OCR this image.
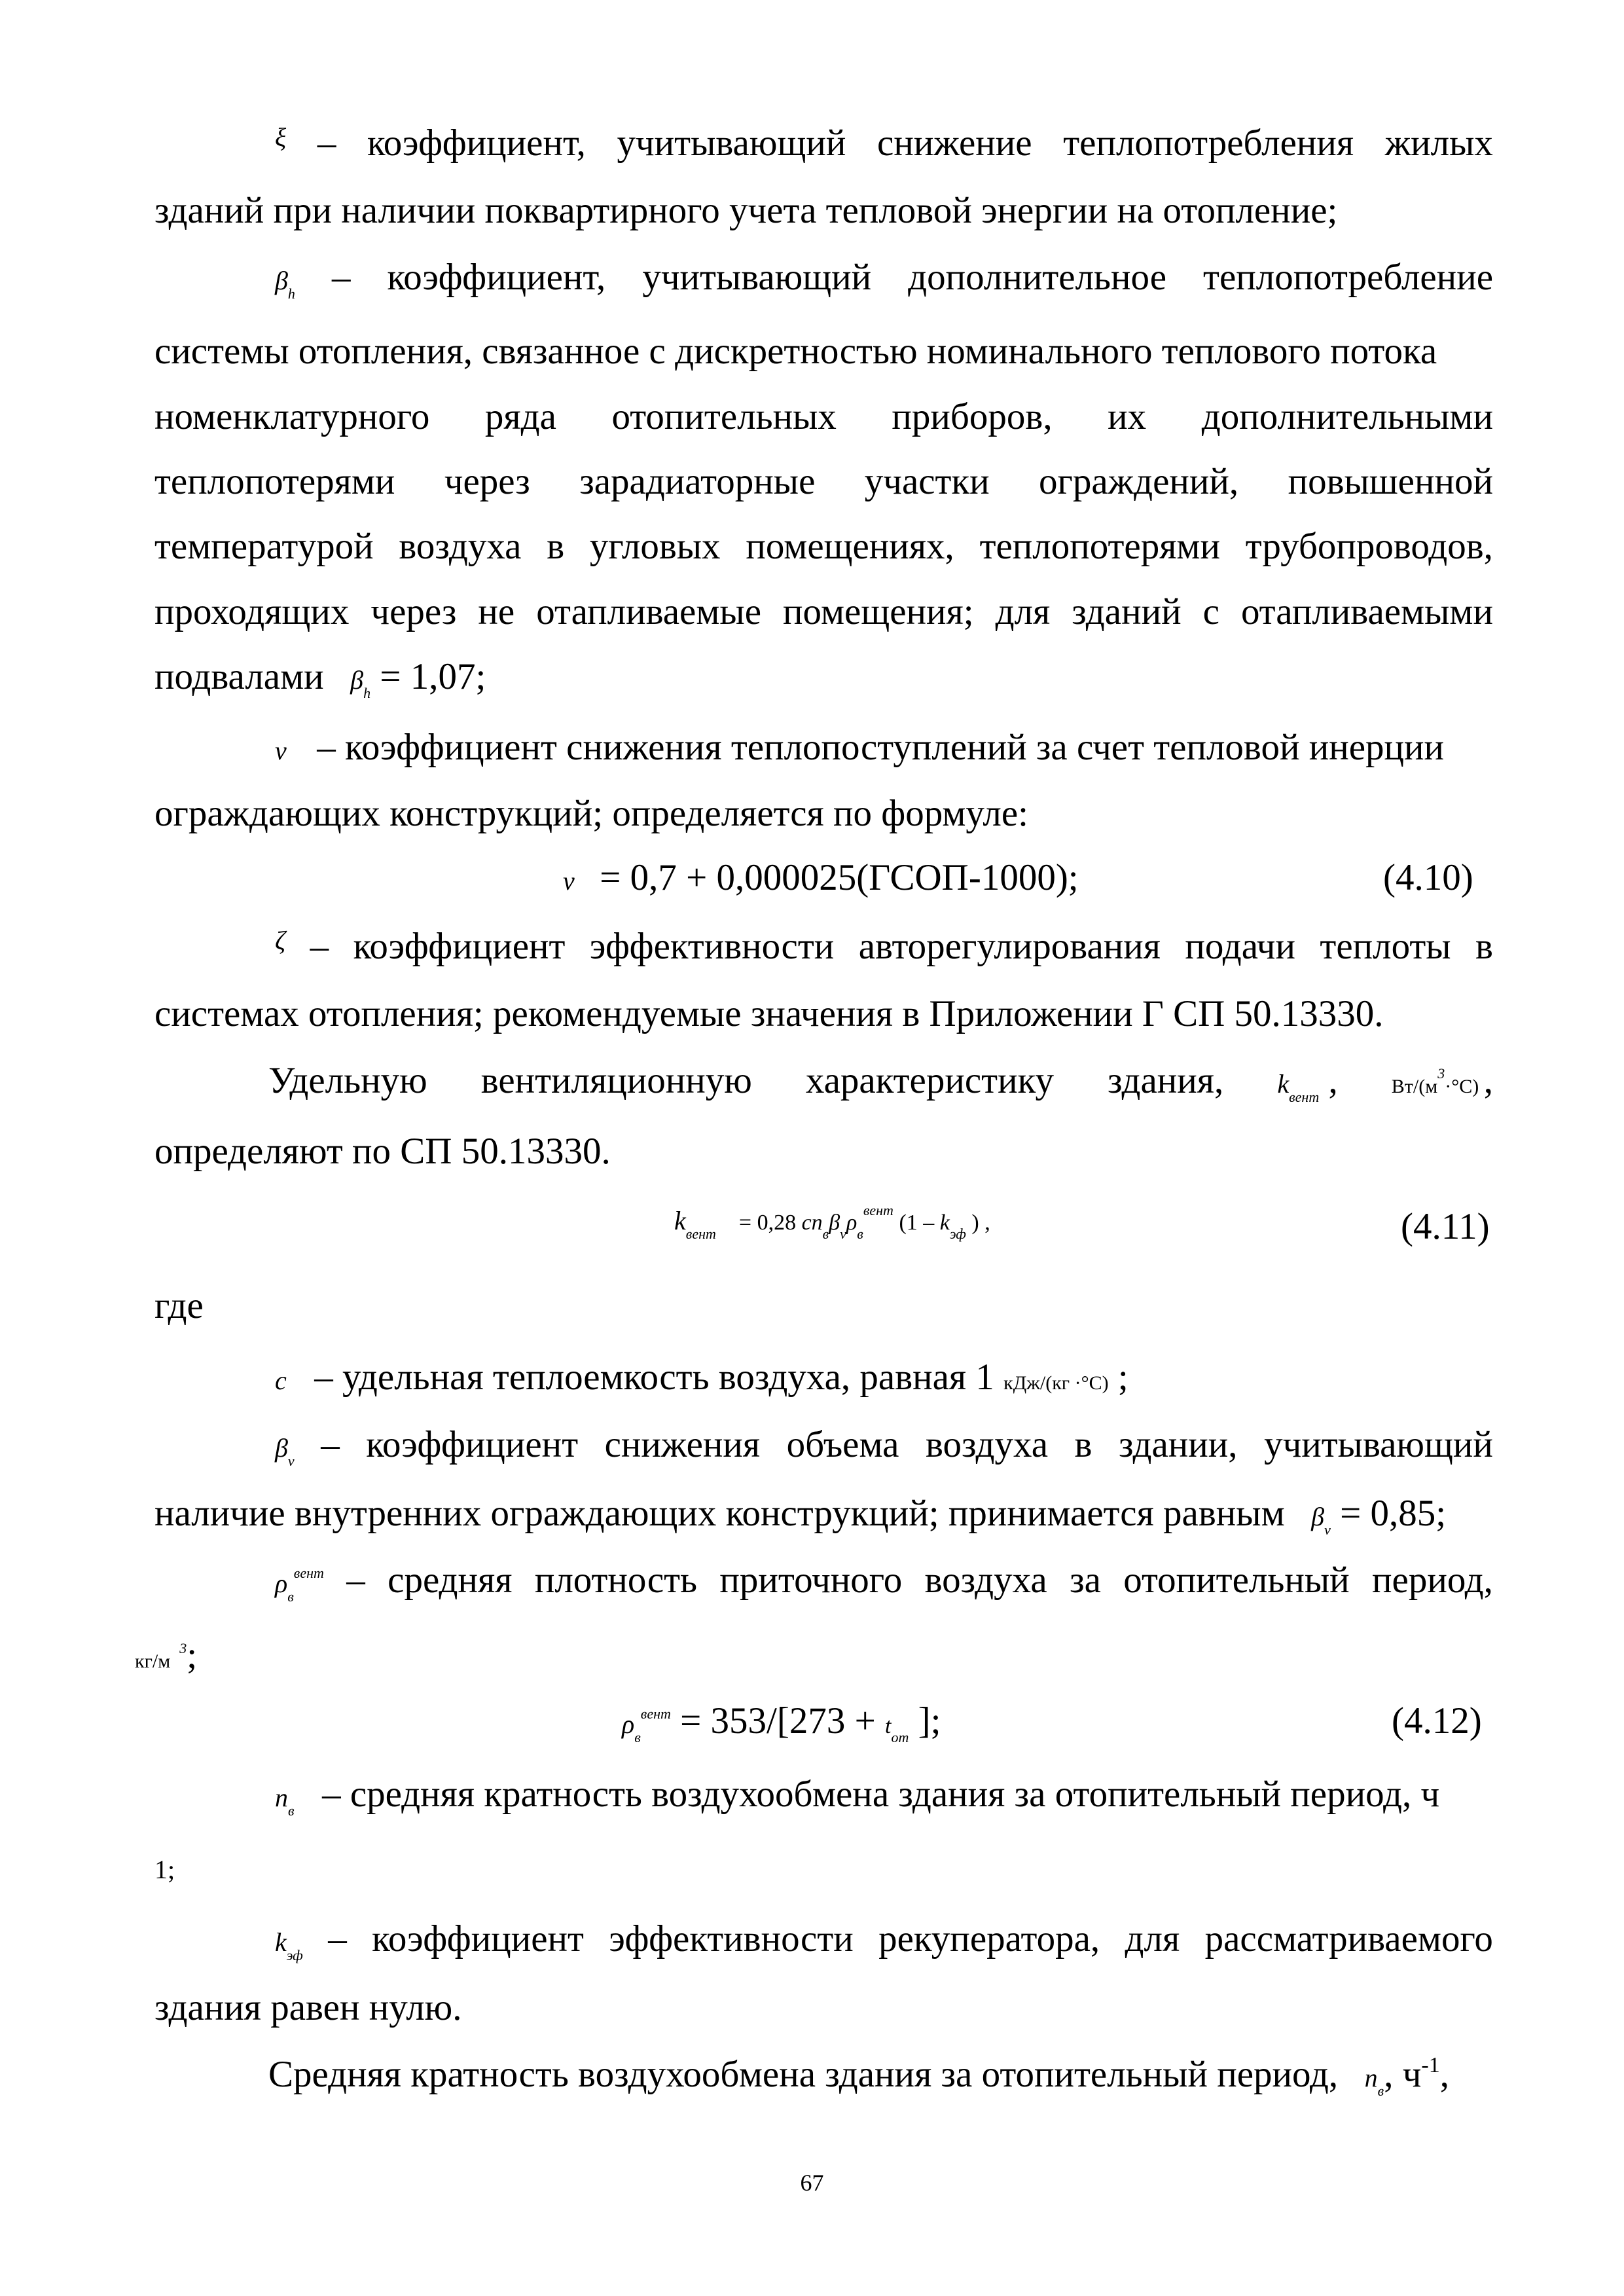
ξ – коэффициент, учитывающий снижение теплопотребления жилых
зданий при наличии поквартирного учета тепловой энергии на отопление;
$\beta_h$ – коэффициент, учитывающий дополнительное теплопотребление
системы отопления, связанное с дискретностью номинального теплового потока
номенклатурного ряда отопительных приборов, их дополнительными
теплопотерями через зарадиаторные участки ограждений, повышенной
температурой воздуха в угловых помещениях, теплопотерями трубопроводов,
проходящих через не отапливаемые помещения; для зданий с отапливаемыми
подвалами $\beta_h = 1,07$;
ν – коэффициент снижения теплопоступлений за счет тепловой инерции
ограждающих конструкций; определяется по формуле:
ν = 0,7 + 0,000025(ГСОП-1000);	(4.10)
ζ – коэффициент эффективности авторегулирования подачи теплоты в
системах отопления; рекомендуемые значения в Приложении Г СП 50.13330.
Удельную вентиляционную характеристику здания, $k_{вент}$ ,	$Вт/(м^3\cdot^\circ С)$ ,
определяют по СП 50.13330.
$k_{вент} = 0,28$ $cn_в\beta_\nu\rho_в^{вент}$ ($1 - k_{эф}$ ) ,	(4.11)
где
c – удельная теплоемкость воздуха, равная 1 кДж/(кг ·°С) ;
$\beta_\nu$ – коэффициент снижения объема воздуха в здании, учитывающий
наличие внутренних ограждающих конструкций; принимается равным $\beta_\nu = 0,85$;
$\rho_в^{вент}$ – средняя плотность приточного воздуха за отопительный период,
$кг/м^3$;
$\rho_в^{вент} = 353/[273 + t_{от}$ ];	(4.12)
$n_в$ – средняя кратность воздухообмена здания за отопительный период, ч
1;
$k_{эф}$ – коэффициент эффективности рекуператора, для рассматриваемого
здания равен нулю.
Средняя кратность воздухообмена здания за отопительный период, $n_в$, $ч^{-1}$,
67
